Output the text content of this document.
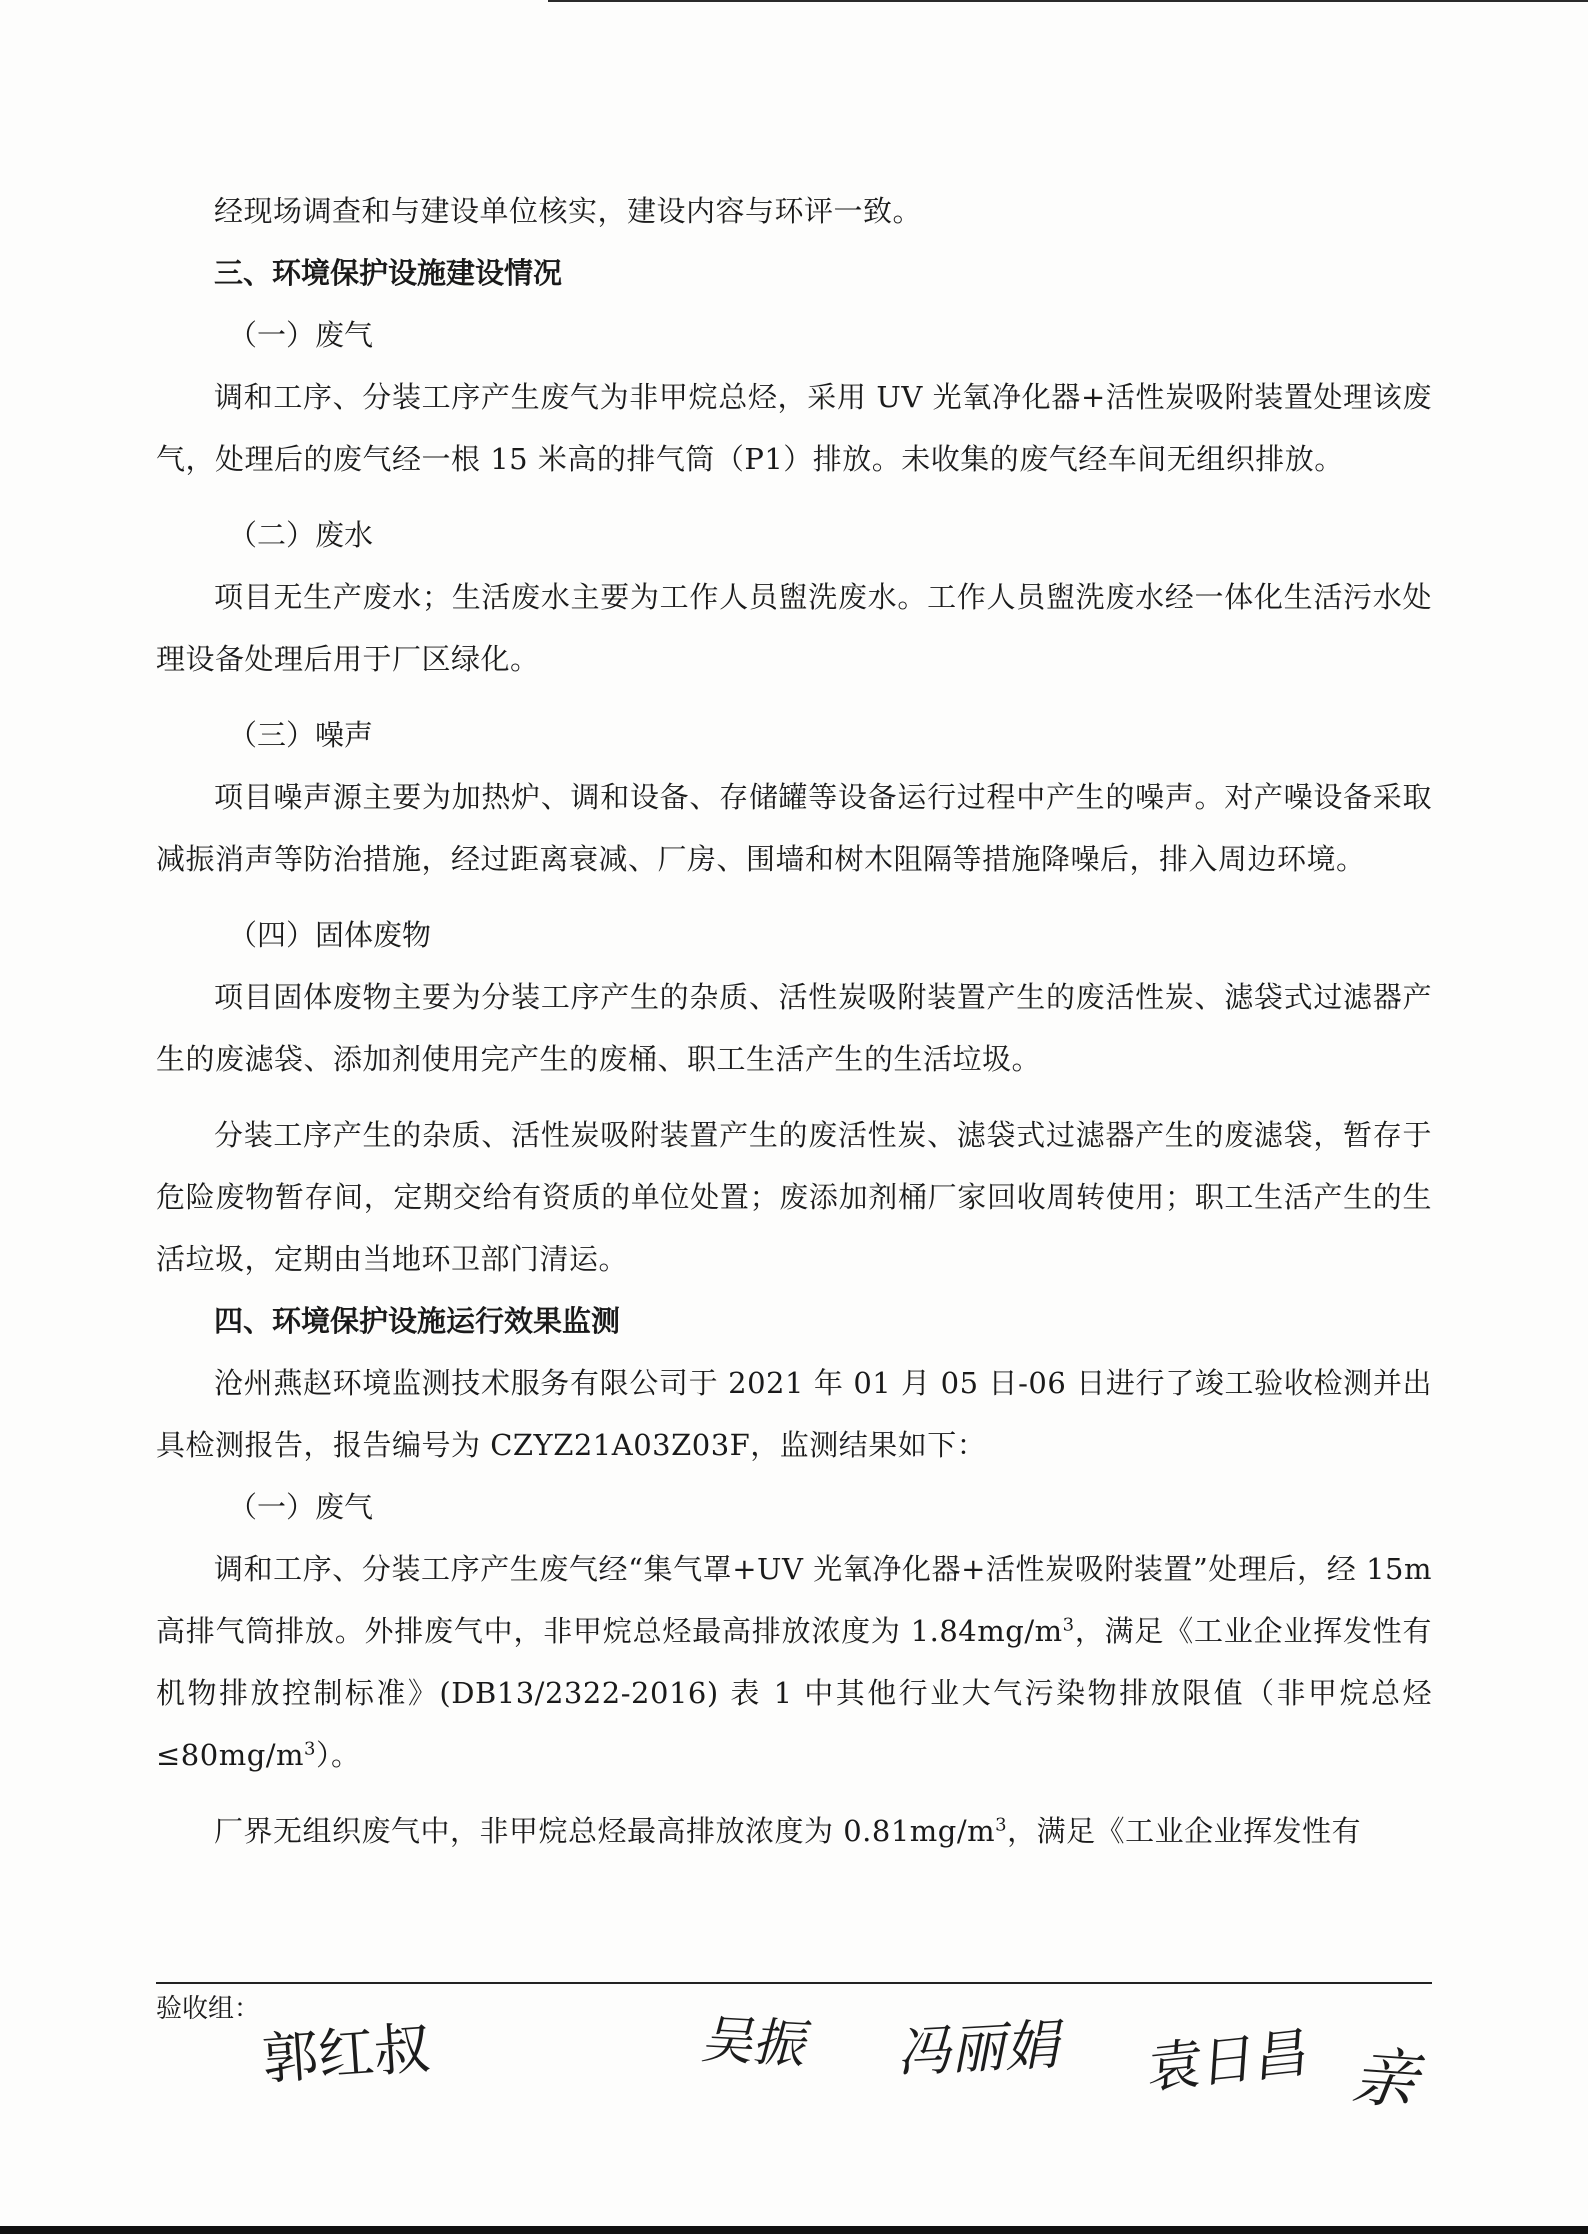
经现场调查和与建设单位核实，建设内容与环评一致。

三、环境保护设施建设情况

（一）废气

调和工序、分装工序产生废气为非甲烷总烃，采用 UV 光氧净化器+活性炭吸附装置处理该废气，处理后的废气经一根 15 米高的排气筒（P1）排放。未收集的废气经车间无组织排放。

（二）废水

项目无生产废水；生活废水主要为工作人员盥洗废水。工作人员盥洗废水经一体化生活污水处理设备处理后用于厂区绿化。

（三）噪声

项目噪声源主要为加热炉、调和设备、存储罐等设备运行过程中产生的噪声。对产噪设备采取减振消声等防治措施，经过距离衰减、厂房、围墙和树木阻隔等措施降噪后，排入周边环境。

（四）固体废物

项目固体废物主要为分装工序产生的杂质、活性炭吸附装置产生的废活性炭、滤袋式过滤器产生的废滤袋、添加剂使用完产生的废桶、职工生活产生的生活垃圾。

分装工序产生的杂质、活性炭吸附装置产生的废活性炭、滤袋式过滤器产生的废滤袋，暂存于危险废物暂存间，定期交给有资质的单位处置；废添加剂桶厂家回收周转使用；职工生活产生的生活垃圾，定期由当地环卫部门清运。

四、环境保护设施运行效果监测

沧州燕赵环境监测技术服务有限公司于 2021 年 01 月 05 日-06 日进行了竣工验收检测并出具检测报告，报告编号为 CZYZ21A03Z03F，监测结果如下：

（一）废气

调和工序、分装工序产生废气经“集气罩+UV 光氧净化器+活性炭吸附装置”处理后，经 15m 高排气筒排放。外排废气中，非甲烷总烃最高排放浓度为 $1.84mg/m^3$，满足《工业企业挥发性有机物排放控制标准》(DB13/2322-2016) 表 1 中其他行业大气污染物排放限值（非甲烷总烃$\le 80mg/m^3$）。

厂界无组织废气中，非甲烷总烃最高排放浓度为 $0.81mg/m^3$，满足《工业企业挥发性有

验收组：
郭红叔	吴振 冯丽娟 袁日昌 亲
